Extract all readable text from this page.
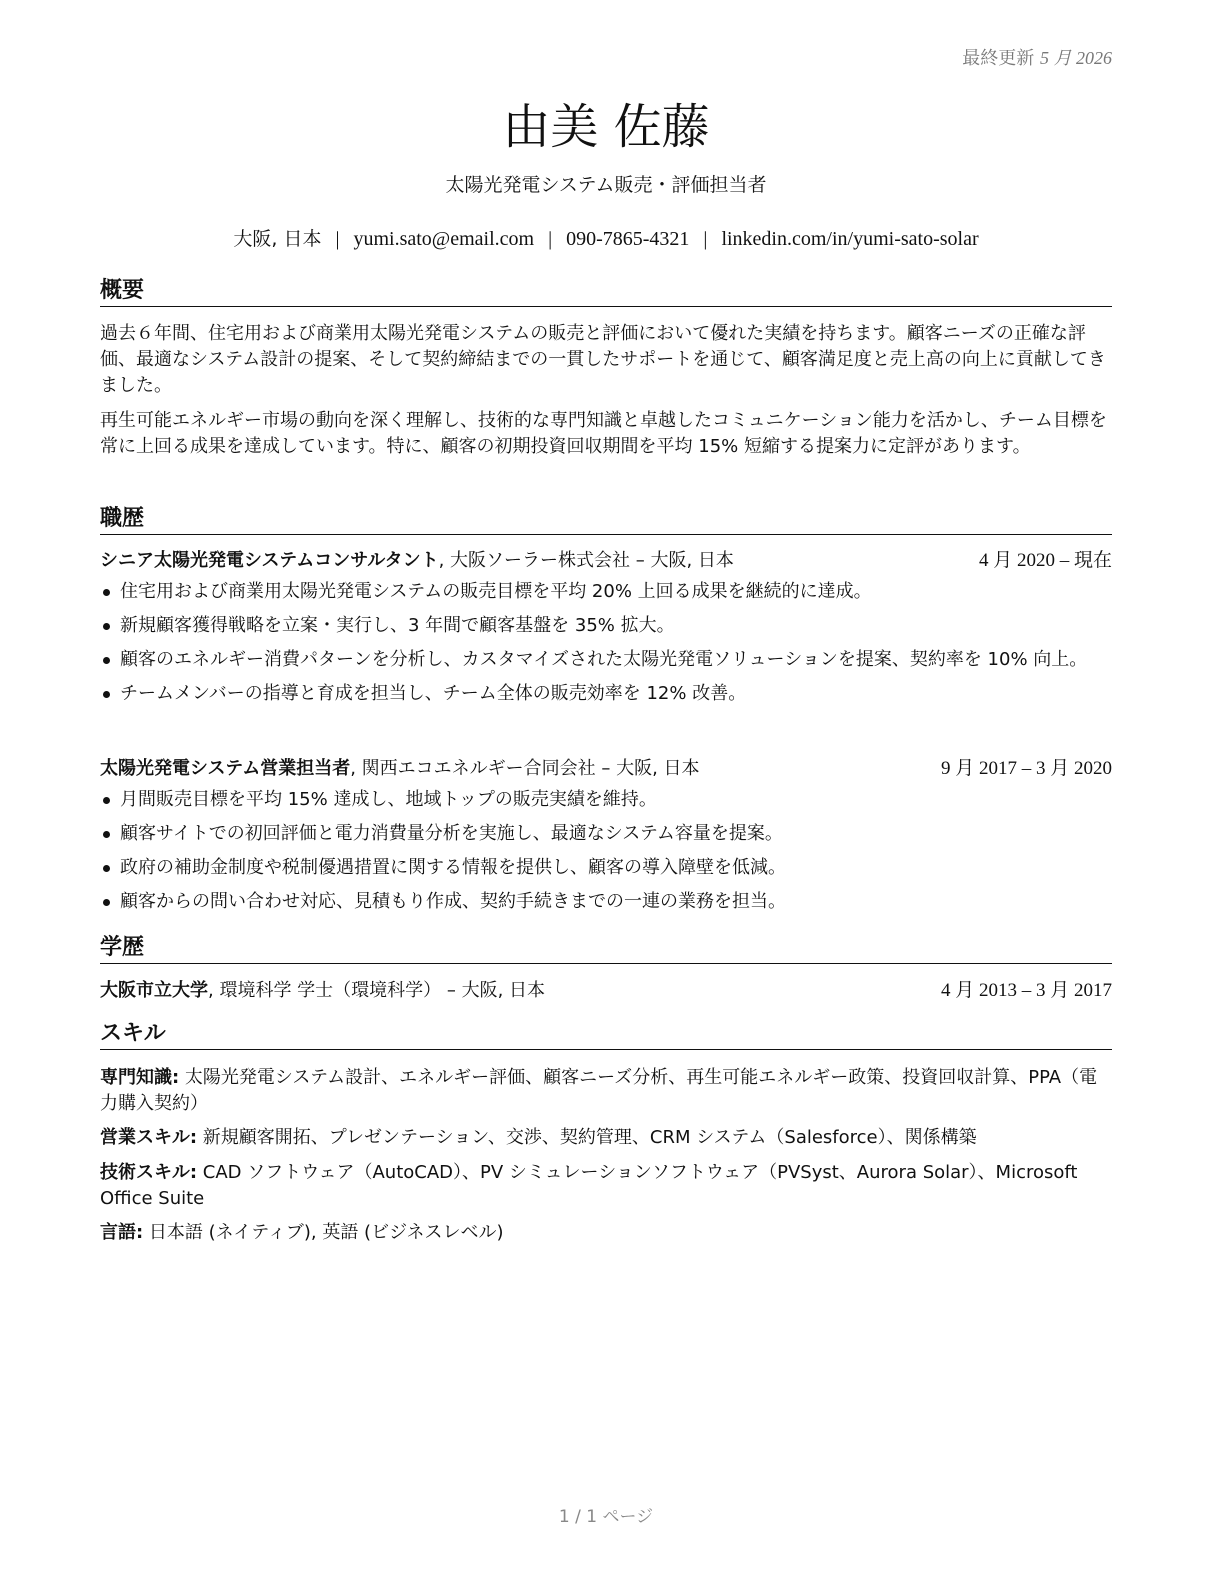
最終更新 5 月 2026
由美 佐藤
太陽光発電システム販売・評価担当者
大阪, 日本 | yumi.sato@email.com | 090-7865-4321 | linkedin.com/in/yumi-sato-solar
概要

過去６年間、住宅用および商業用太陽光発電システムの販売と評価において優れた実績を持ちます。顧客ニーズの正確な評価、最適なシステム設計の提案、そして契約締結までの一貫したサポートを通じて、顧客満足度と売上高の向上に貢献してきました。

再生可能エネルギー市場の動向を深く理解し、技術的な専門知識と卓越したコミュニケーション能力を活かし、チーム目標を常に上回る成果を達成しています。特に、顧客の初期投資回収期間を平均 15% 短縮する提案力に定評があります。

職歴
シニア太陽光発電システムコンサルタント, 大阪ソーラー株式会社 – 大阪, 日本	4 月 2020 – 現在
住宅用および商業用太陽光発電システムの販売目標を平均 20% 上回る成果を継続的に達成。
新規顧客獲得戦略を立案・実行し、3 年間で顧客基盤を 35% 拡大。
顧客のエネルギー消費パターンを分析し、カスタマイズされた太陽光発電ソリューションを提案、契約率を 10% 向上。
チームメンバーの指導と育成を担当し、チーム全体の販売効率を 12% 改善。
太陽光発電システム営業担当者, 関西エコエネルギー合同会社 – 大阪, 日本	9 月 2017 – 3 月 2020
月間販売目標を平均 15% 達成し、地域トップの販売実績を維持。
顧客サイトでの初回評価と電力消費量分析を実施し、最適なシステム容量を提案。
政府の補助金制度や税制優遇措置に関する情報を提供し、顧客の導入障壁を低減。
顧客からの問い合わせ対応、見積もり作成、契約手続きまでの一連の業務を担当。
学歴
大阪市立大学, 環境科学 学士（環境科学） – 大阪, 日本	4 月 2013 – 3 月 2017
スキル
専門知識: 太陽光発電システム設計、エネルギー評価、顧客ニーズ分析、再生可能エネルギー政策、投資回収計算、PPA（電力購入契約）
営業スキル: 新規顧客開拓、プレゼンテーション、交渉、契約管理、CRM システム（Salesforce）、関係構築
技術スキル: CAD ソフトウェア（AutoCAD）、PV シミュレーションソフトウェア（PVSyst、Aurora Solar）、Microsoft Office Suite
言語: 日本語 (ネイティブ), 英語 (ビジネスレベル)
1 / 1 ページ
